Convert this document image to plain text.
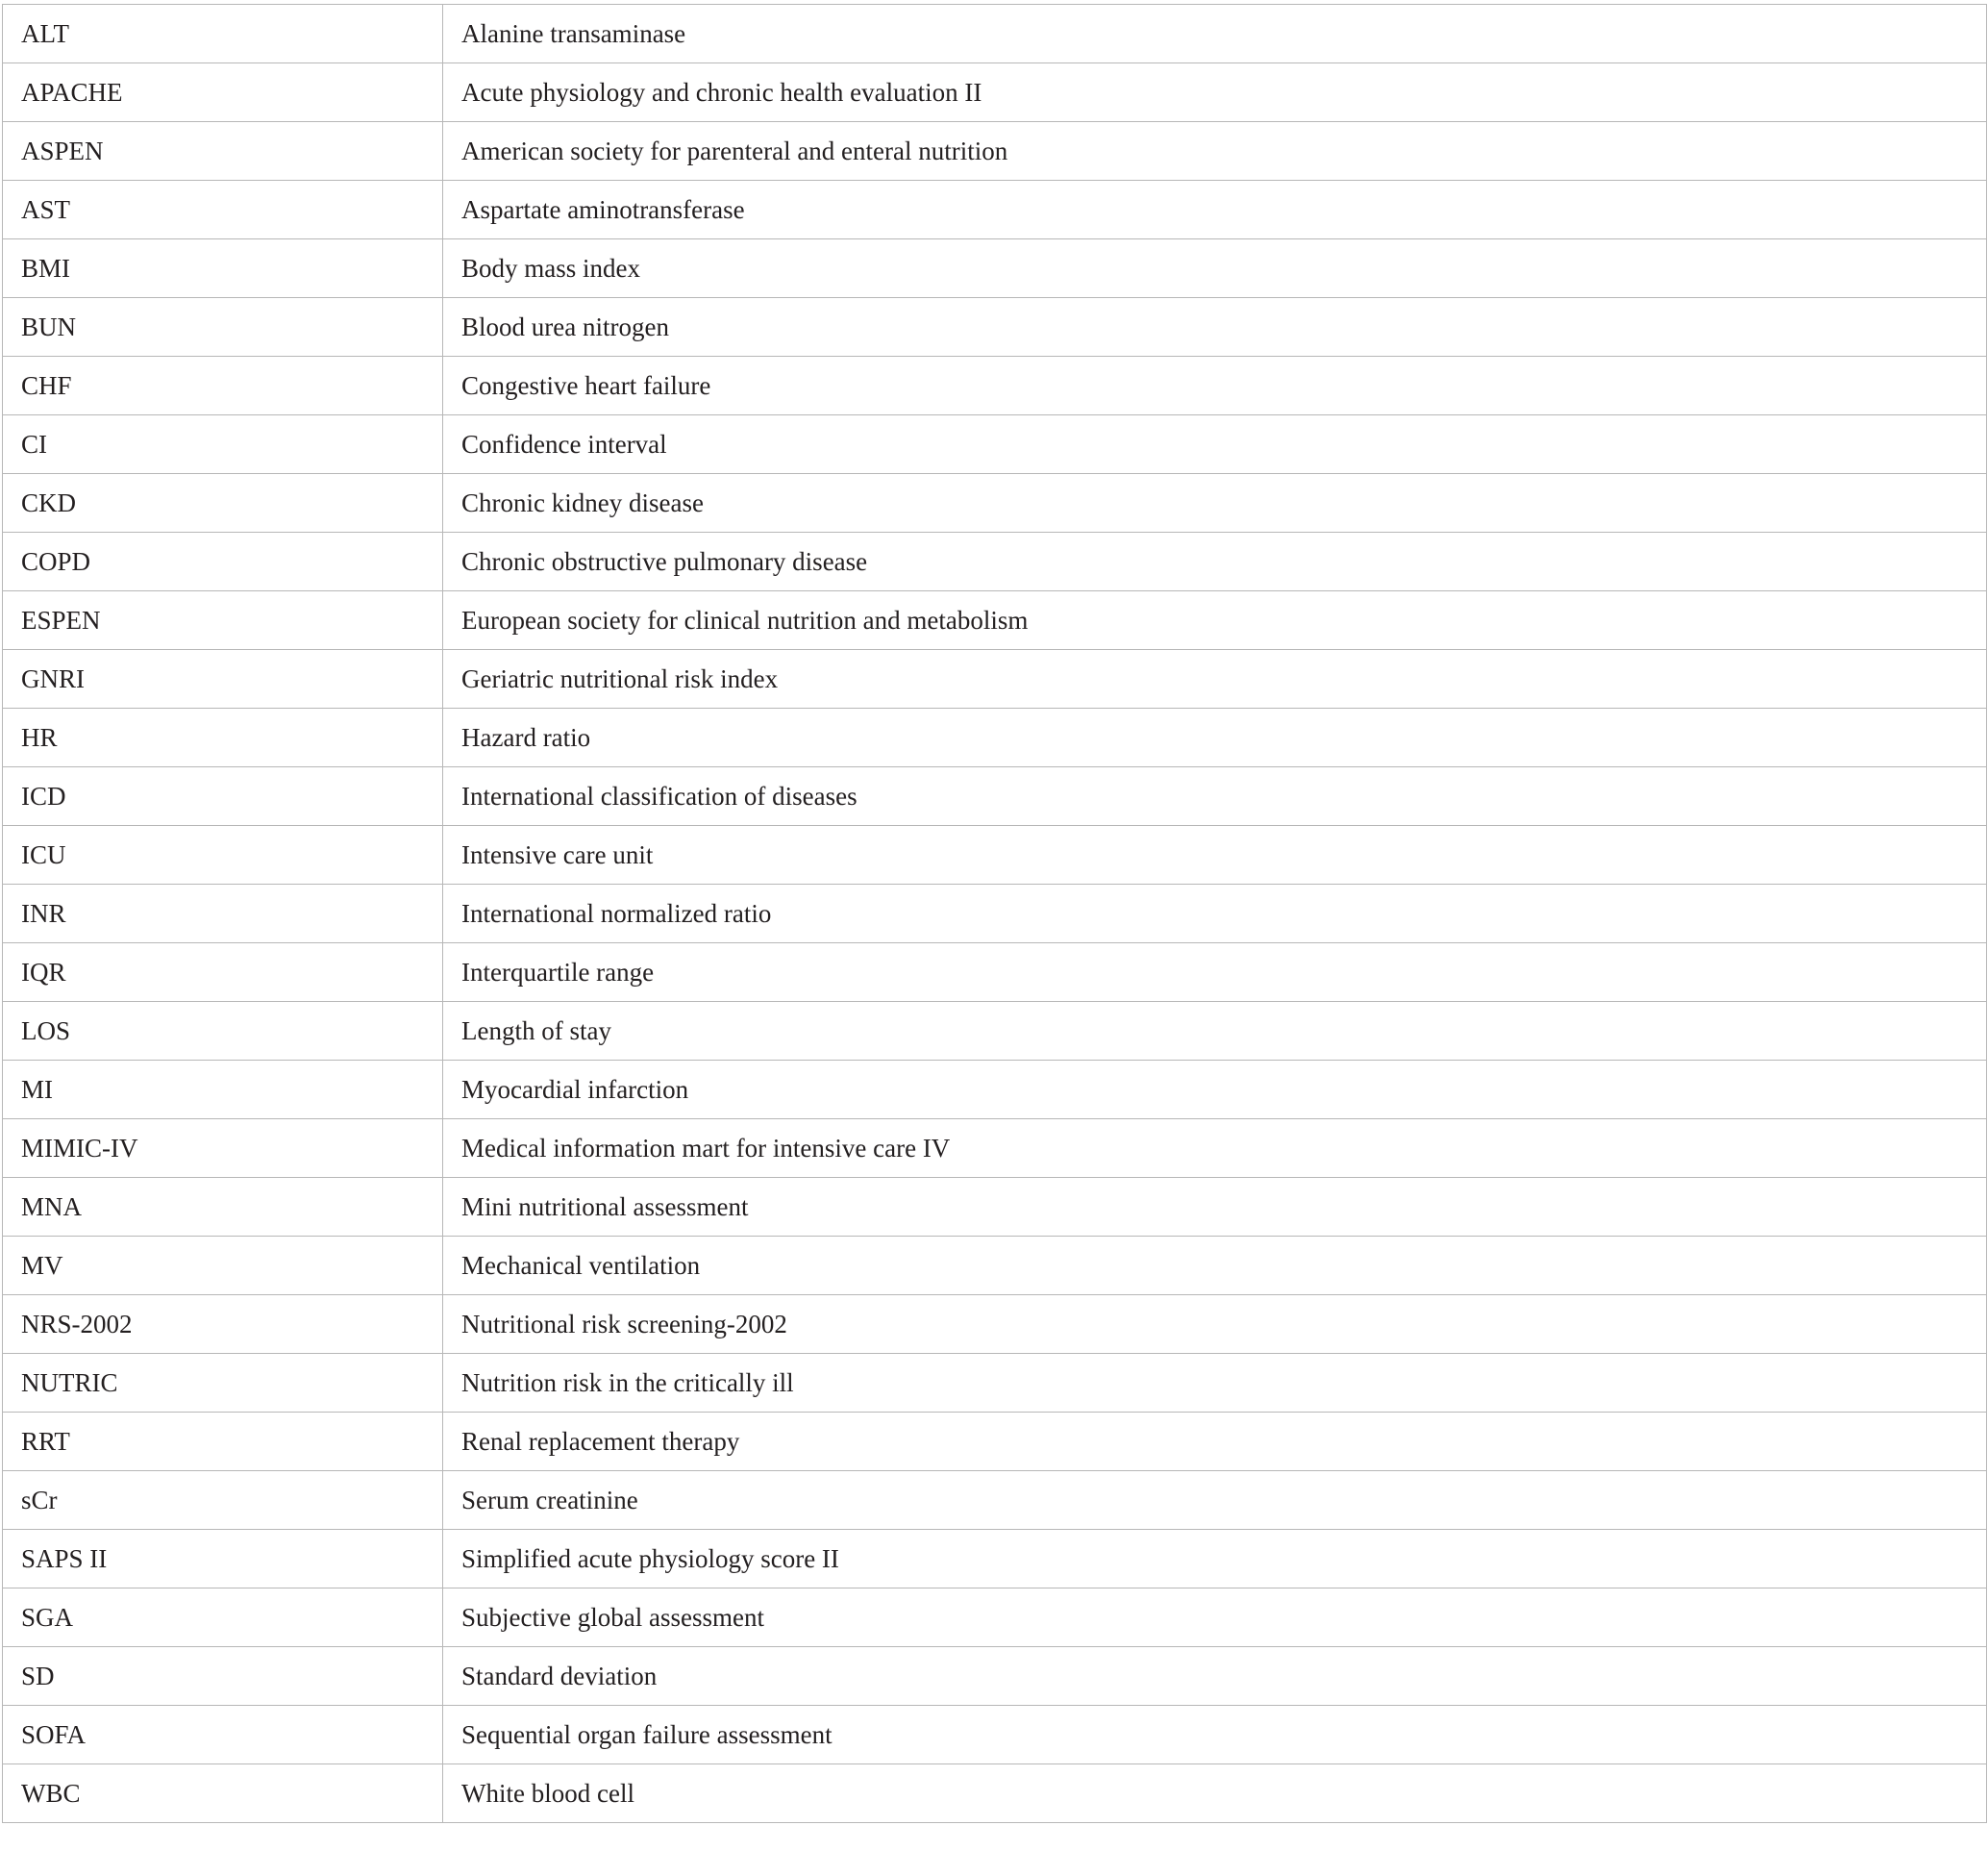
ALT	Alanine transaminase
APACHE	Acute physiology and chronic health evaluation II
ASPEN	American society for parenteral and enteral nutrition
AST	Aspartate aminotransferase
BMI	Body mass index
BUN	Blood urea nitrogen
CHF	Congestive heart failure
CI	Confidence interval
CKD	Chronic kidney disease
COPD	Chronic obstructive pulmonary disease
ESPEN	European society for clinical nutrition and metabolism
GNRI	Geriatric nutritional risk index
HR	Hazard ratio
ICD	International classification of diseases
ICU	Intensive care unit
INR	International normalized ratio
IQR	Interquartile range
LOS	Length of stay
MI	Myocardial infarction
MIMIC-IV	Medical information mart for intensive care IV
MNA	Mini nutritional assessment
MV	Mechanical ventilation
NRS-2002	Nutritional risk screening-2002
NUTRIC	Nutrition risk in the critically ill
RRT	Renal replacement therapy
sCr	Serum creatinine
SAPS II	Simplified acute physiology score II
SGA	Subjective global assessment
SD	Standard deviation
SOFA	Sequential organ failure assessment
WBC	White blood cell
